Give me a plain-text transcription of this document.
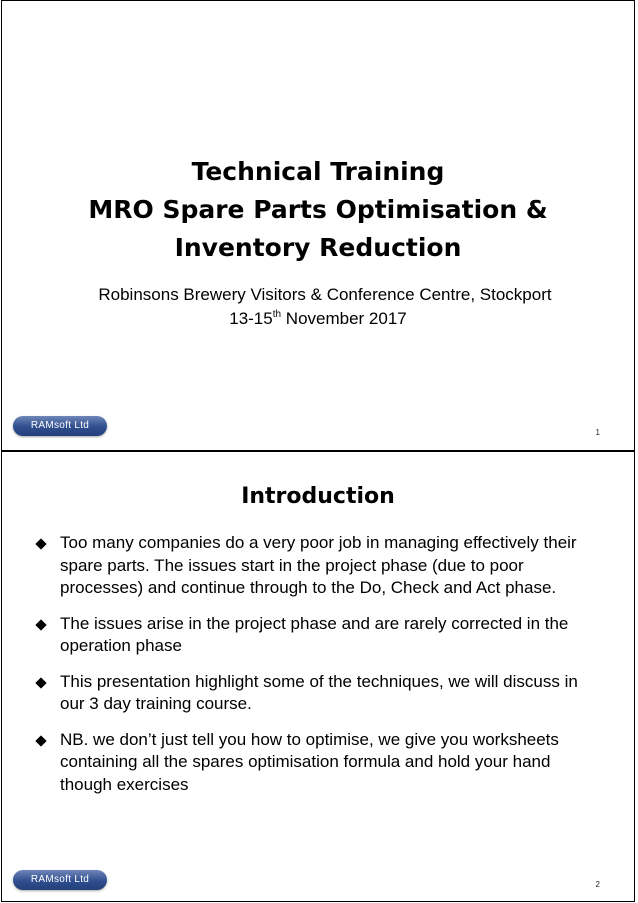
Technical Training
MRO Spare Parts Optimisation &
Inventory Reduction
Robinsons Brewery Visitors & Conference Centre, Stockport
13-15th November 2017
RAMsoft Ltd
1
Introduction
Too many companies do a very poor job in managing effectively their spare parts. The issues start in the project phase (due to poor processes) and continue through to the Do, Check and Act phase.
The issues arise in the project phase and are rarely corrected in the operation phase
This presentation highlight some of the techniques, we will discuss in our 3 day training course.
NB. we don’t just tell you how to optimise, we give you worksheets containing all the spares optimisation formula and hold your hand though exercises
RAMsoft Ltd	2
